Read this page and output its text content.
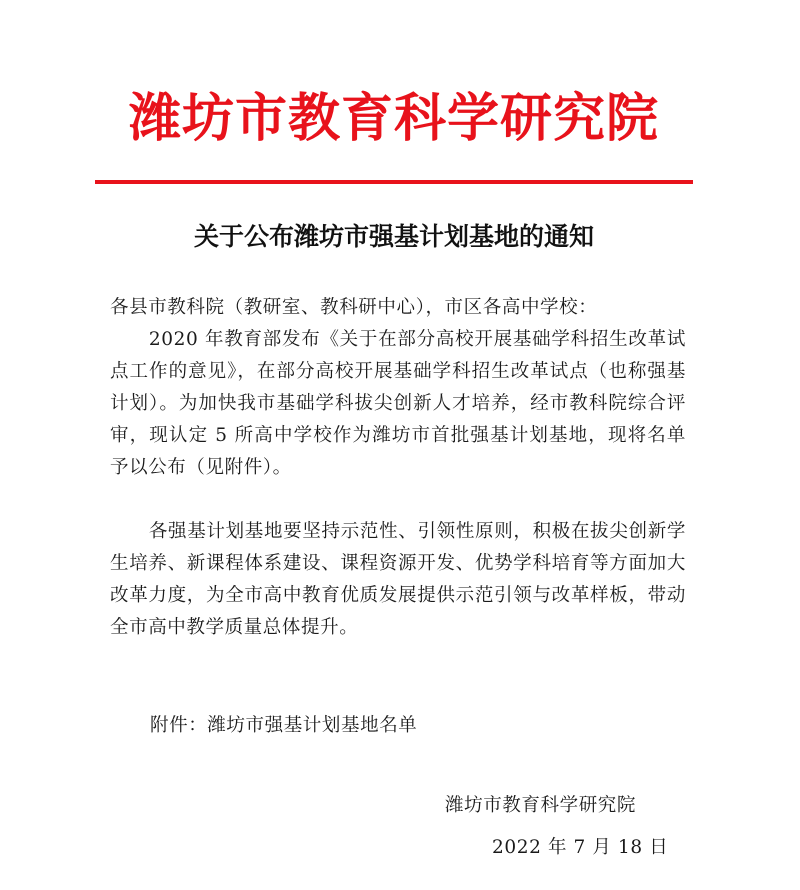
潍坊市教育科学研究院
关于公布潍坊市强基计划基地的通知
各县市教科院（教研室、教科研中心），市区各高中学校：
2020 年教育部发布《关于在部分高校开展基础学科招生改革试点工作的意见》，在部分高校开展基础学科招生改革试点（也称强基计划）。为加快我市基础学科拔尖创新人才培养，经市教科院综合评审，现认定 5 所高中学校作为潍坊市首批强基计划基地，现将名单予以公布（见附件）。
各强基计划基地要坚持示范性、引领性原则，积极在拔尖创新学生培养、新课程体系建设、课程资源开发、优势学科培育等方面加大改革力度，为全市高中教育优质发展提供示范引领与改革样板，带动全市高中教学质量总体提升。
附件：潍坊市强基计划基地名单
潍坊市教育科学研究院
2022 年 7 月 18 日
